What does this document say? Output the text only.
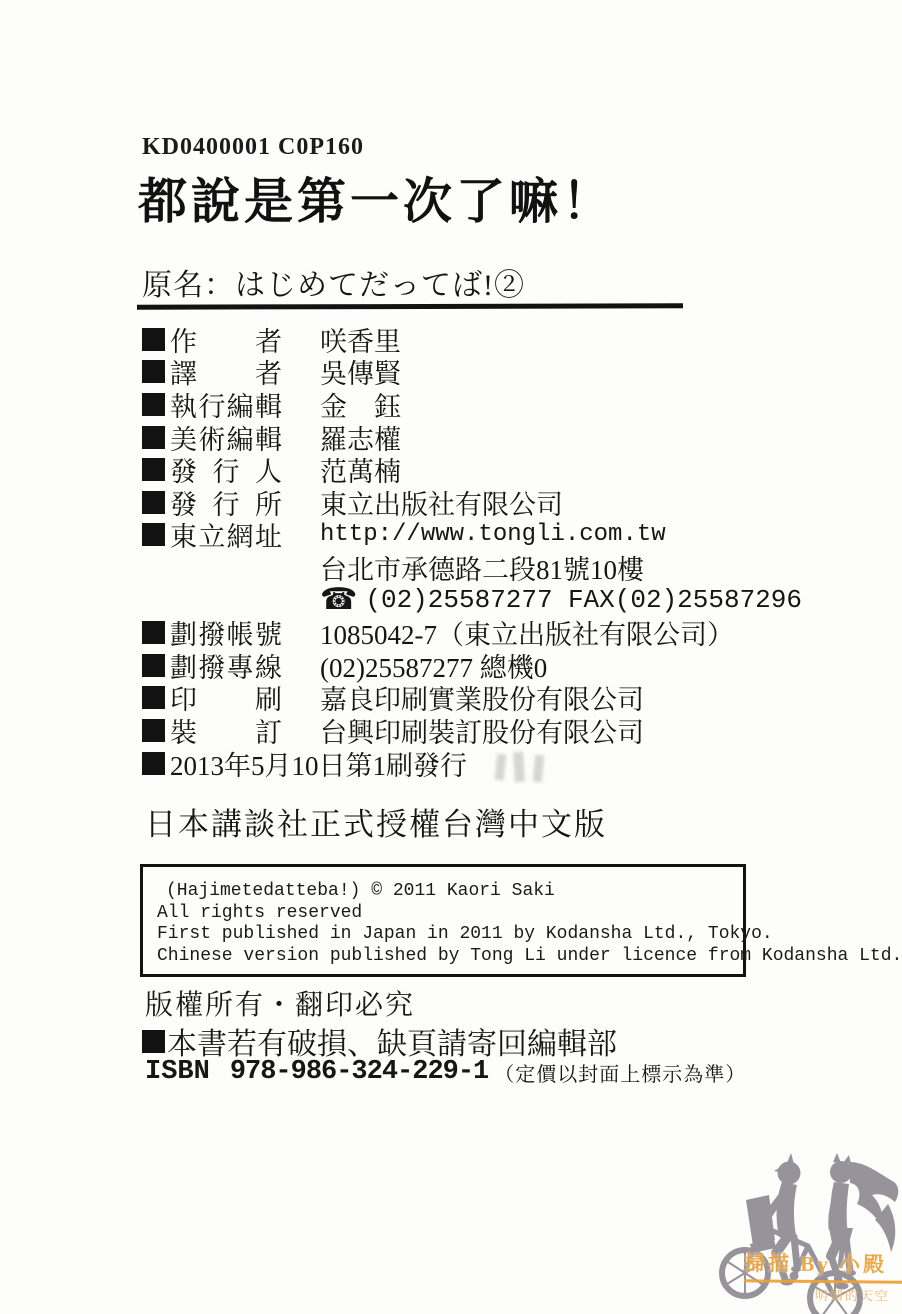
KD0400001 C0P160
都說是第一次了嘛！
原名：はじめてだってば!②
作者 咲香里
譯者 吳傳賢
執行編輯 金　鈺
美術編輯 羅志權
發行人 范萬楠
發行所 東立出版社有限公司
東立網址 http://www.tongli.com.tw
台北市承德路二段81號10樓
☎ (02)25587277 FAX(02)25587296
劃撥帳號 1085042-7（東立出版社有限公司）
劃撥專線 (02)25587277 總機0
印刷 嘉良印刷實業股份有限公司
裝訂 台興印刷裝訂股份有限公司
2013年5月10日第1刷發行
日本講談社正式授權台灣中文版
(Hajimetedatteba!) © 2011 Kaori Saki
All rights reserved
First published in Japan in 2011 by Kodansha Ltd., Tokyo.
Chinese version published by Tong Li under licence from Kodansha Ltd.
版權所有・翻印必究
本書若有破損、缺頁請寄回編輯部
ISBN 978-986-324-229-1 （定價以封面上標示為準）
掃描 By 小殿
明媚的天空
